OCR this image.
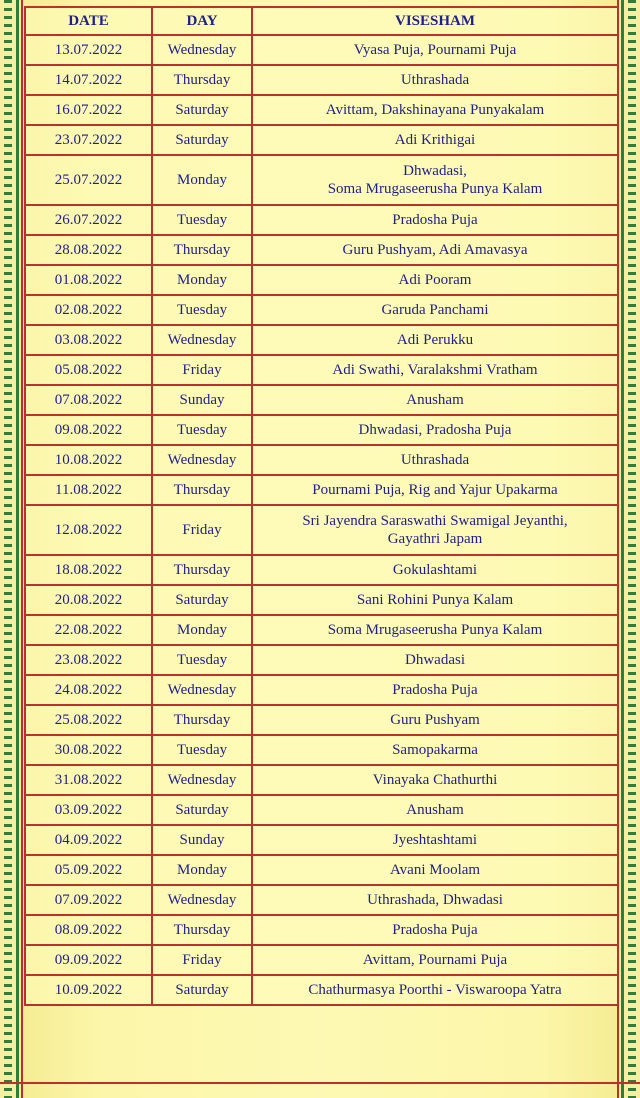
DATE	DAY	VISESHAM
13.07.2022	Wednesday	Vyasa Puja, Pournami Puja
14.07.2022	Thursday	Uthrashada
16.07.2022	Saturday	Avittam, Dakshinayana Punyakalam
23.07.2022	Saturday	Adi Krithigai
25.07.2022	Monday	Dhwadasi,
Soma Mrugaseerusha Punya Kalam
26.07.2022	Tuesday	Pradosha Puja
28.08.2022	Thursday	Guru Pushyam, Adi Amavasya
01.08.2022	Monday	Adi Pooram
02.08.2022	Tuesday	Garuda Panchami
03.08.2022	Wednesday	Adi Perukku
05.08.2022	Friday	Adi Swathi, Varalakshmi Vratham
07.08.2022	Sunday	Anusham
09.08.2022	Tuesday	Dhwadasi, Pradosha Puja
10.08.2022	Wednesday	Uthrashada
11.08.2022	Thursday	Pournami Puja, Rig and Yajur Upakarma
12.08.2022	Friday	Sri Jayendra Saraswathi Swamigal Jeyanthi,
Gayathri Japam
18.08.2022	Thursday	Gokulashtami
20.08.2022	Saturday	Sani Rohini Punya Kalam
22.08.2022	Monday	Soma Mrugaseerusha Punya Kalam
23.08.2022	Tuesday	Dhwadasi
24.08.2022	Wednesday	Pradosha Puja
25.08.2022	Thursday	Guru Pushyam
30.08.2022	Tuesday	Samopakarma
31.08.2022	Wednesday	Vinayaka Chathurthi
03.09.2022	Saturday	Anusham
04.09.2022	Sunday	Jyeshtashtami
05.09.2022	Monday	Avani Moolam
07.09.2022	Wednesday	Uthrashada, Dhwadasi
08.09.2022	Thursday	Pradosha Puja
09.09.2022	Friday	Avittam, Pournami Puja
10.09.2022	Saturday	Chathurmasya Poorthi - Viswaroopa Yatra
